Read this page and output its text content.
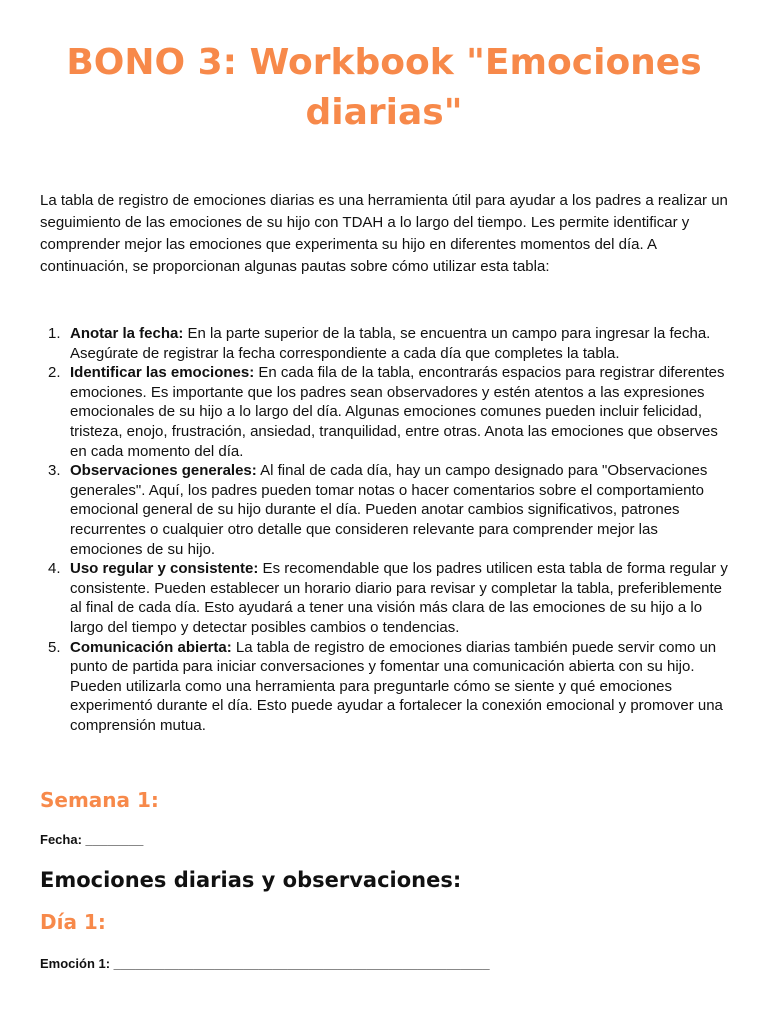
BONO 3: Workbook "Emociones diarias"

La tabla de registro de emociones diarias es una herramienta útil para ayudar a los padres a realizar un seguimiento de las emociones de su hijo con TDAH a lo largo del tiempo. Les permite identificar y comprender mejor las emociones que experimenta su hijo en diferentes momentos del día. A continuación, se proporcionan algunas pautas sobre cómo utilizar esta tabla:

1. Anotar la fecha: En la parte superior de la tabla, se encuentra un campo para ingresar la fecha. Asegúrate de registrar la fecha correspondiente a cada día que completes la tabla.
2. Identificar las emociones: En cada fila de la tabla, encontrarás espacios para registrar diferentes emociones. Es importante que los padres sean observadores y estén atentos a las expresiones emocionales de su hijo a lo largo del día. Algunas emociones comunes pueden incluir felicidad, tristeza, enojo, frustración, ansiedad, tranquilidad, entre otras. Anota las emociones que observes en cada momento del día.
3. Observaciones generales: Al final de cada día, hay un campo designado para "Observaciones generales". Aquí, los padres pueden tomar notas o hacer comentarios sobre el comportamiento emocional general de su hijo durante el día. Pueden anotar cambios significativos, patrones recurrentes o cualquier otro detalle que consideren relevante para comprender mejor las emociones de su hijo.
4. Uso regular y consistente: Es recomendable que los padres utilicen esta tabla de forma regular y consistente. Pueden establecer un horario diario para revisar y completar la tabla, preferiblemente al final de cada día. Esto ayudará a tener una visión más clara de las emociones de su hijo a lo largo del tiempo y detectar posibles cambios o tendencias.
5. Comunicación abierta: La tabla de registro de emociones diarias también puede servir como un punto de partida para iniciar conversaciones y fomentar una comunicación abierta con su hijo. Pueden utilizarla como una herramienta para preguntarle cómo se siente y qué emociones experimentó durante el día. Esto puede ayudar a fortalecer la conexión emocional y promover una comprensión mutua.
Semana 1:

Fecha: ________

Emociones diarias y observaciones:
Día 1:

Emoción 1: ____________________________________________________
